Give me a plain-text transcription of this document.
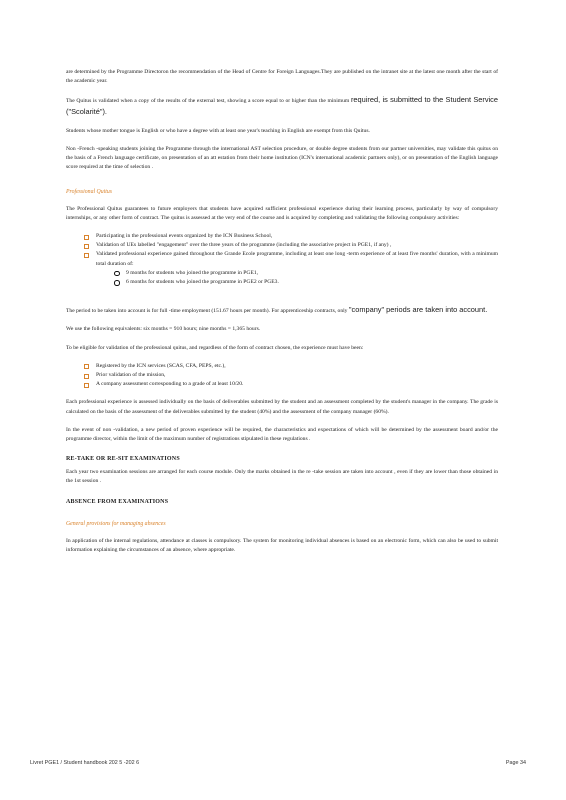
are determined by the Programme Directoron the recommendation of the Head of Centre for Foreign Languages.They are published on the intranet site at the latest one month after the start of the academic year.

The Quitus is validated when a copy of the results of the external test, showing a score equal to or higher than the minimum required, is submitted to the Student Service ("Scolarité").

Students whose mother tongue is English or who have a degree with at least one year's teaching in English are exempt from this Quitus.

Non -French -speaking students joining the Programme through the international AST selection procedure, or double degree students from our partner universities, may validate this quitus on the basis of a French language certificate, on presentation of an att estation from their home institution (ICN's international academic partners only), or on presentation of the English language score required at the time of selection .

Professional Quitus

The Professional Quitus guarantees to future employers that students have acquired sufficient professional experience during their learning process, particularly by way of compulsory internships, or any other form of contract. The quitus is assessed at the very end of the course and is acquired by completing and validating the following compulsory activities:

Participating in the professional events organized by the ICN Business School,
Validation of UEs labelled "engagement" over the three years of the programme (including the associative project in PGE1, if any) ,
Validated professional experience gained throughout the Grande Ecole programme, including at least one long -term experience of at least five months' duration, with a minimum total duration of:
9 months for students who joined the programme in PGE1,
6 months for students who joined the programme in PGE2 or PGE3.

The period to be taken into account is for full -time employment (151.67 hours per month). For apprenticeship contracts, only "company" periods are taken into account.

We use the following equivalents: six months = 910 hours; nine months = 1,365 hours.

To be eligible for validation of the professional quitus, and regardless of the form of contract chosen, the experience must have been:

Registered by the ICN services (SCAS, CFA, PEPS, etc.),
Prior validation of the mission,
A company assessment corresponding to a grade of at least 10/20.

Each professional experience is assessed individually on the basis of deliverables submitted by the student and an assessment completed by the student's manager in the company. The grade is calculated on the basis of the assessment of the deliverables submitted by the student (40%) and the assessment of the company manager (60%).

In the event of non -validation, a new period of proven experience will be required, the characteristics and expectations of which will be determined by the assessment board and/or the programme director, within the limit of the maximum number of registrations stipulated in these regulations .

RE-TAKE OR RE-SIT EXAMINATIONS

Each year two examination sessions are arranged for each course module. Only the marks obtained in the re -take session are taken into account , even if they are lower than those obtained in the 1st session .

ABSENCE FROM EXAMINATIONS
General provisions for managing absences

In application of the internal regulations, attendance at classes is compulsory. The system for monitoring individual absences is based on an electronic form, which can also be used to submit information explaining the circumstances of an absence, where appropriate.

Livret PGE1 / Student handbook 202 5 -202 6	Page 34
